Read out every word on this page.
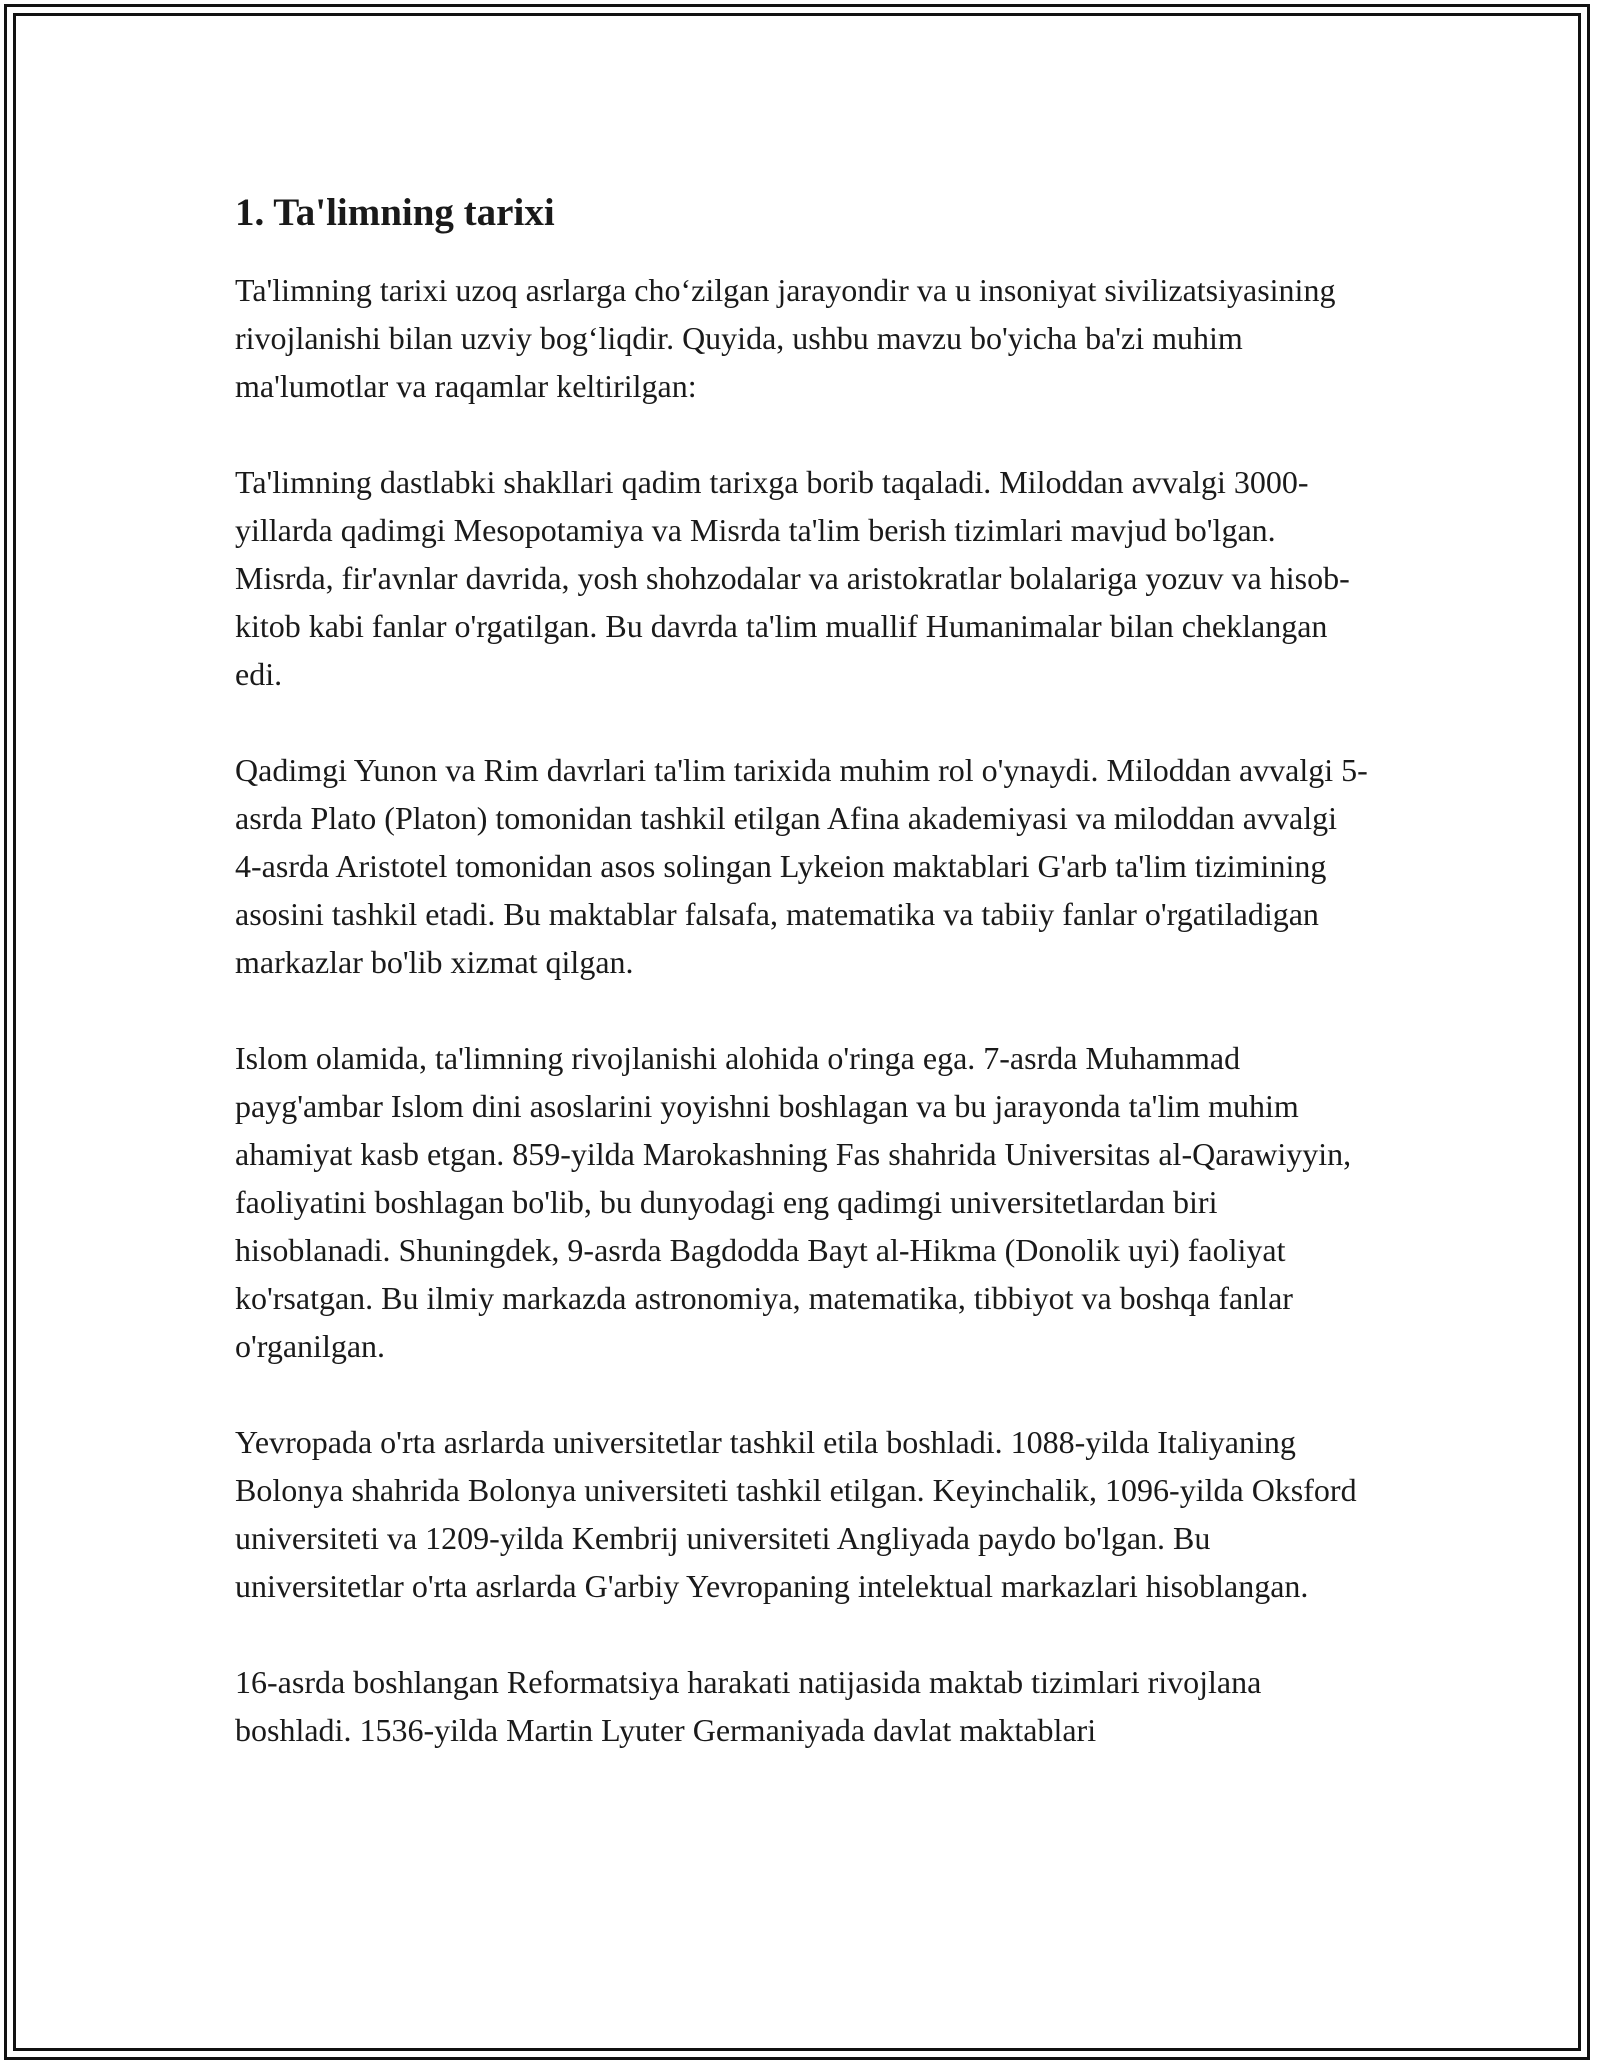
1. Ta'limning tarixi

Ta'limning tarixi uzoq asrlarga cho‘zilgan jarayondir va u insoniyat sivilizatsiyasining rivojlanishi bilan uzviy bog‘liqdir. Quyida, ushbu mavzu bo'yicha ba'zi muhim ma'lumotlar va raqamlar keltirilgan:

Ta'limning dastlabki shakllari qadim tarixga borib taqaladi. Miloddan avvalgi 3000-yillarda qadimgi Mesopotamiya va Misrda ta'lim berish tizimlari mavjud bo'lgan. Misrda, fir'avnlar davrida, yosh shohzodalar va aristokratlar bolalariga yozuv va hisob-kitob kabi fanlar o'rgatilgan. Bu davrda ta'lim muallif Humanimalar bilan cheklangan edi.

Qadimgi Yunon va Rim davrlari ta'lim tarixida muhim rol o'ynaydi. Miloddan avvalgi 5-asrda Plato (Platon) tomonidan tashkil etilgan Afina akademiyasi va miloddan avvalgi 4-asrda Aristotel tomonidan asos solingan Lykeion maktablari G'arb ta'lim tizimining asosini tashkil etadi. Bu maktablar falsafa, matematika va tabiiy fanlar o'rgatiladigan markazlar bo'lib xizmat qilgan.

Islom olamida, ta'limning rivojlanishi alohida o'ringa ega. 7-asrda Muhammad payg'ambar Islom dini asoslarini yoyishni boshlagan va bu jarayonda ta'lim muhim ahamiyat kasb etgan. 859-yilda Marokashning Fas shahrida Universitas al-Qarawiyyin, faoliyatini boshlagan bo'lib, bu dunyodagi eng qadimgi universitetlardan biri hisoblanadi. Shuningdek, 9-asrda Bagdodda Bayt al-Hikma (Donolik uyi) faoliyat ko'rsatgan. Bu ilmiy markazda astronomiya, matematika, tibbiyot va boshqa fanlar o'rganilgan.

Yevropada o'rta asrlarda universitetlar tashkil etila boshladi. 1088-yilda Italiyaning Bolonya shahrida Bolonya universiteti tashkil etilgan. Keyinchalik, 1096-yilda Oksford universiteti va 1209-yilda Kembrij universiteti Angliyada paydo bo'lgan. Bu universitetlar o'rta asrlarda G'arbiy Yevropaning intelektual markazlari hisoblangan.

16-asrda boshlangan Reformatsiya harakati natijasida maktab tizimlari rivojlana boshladi. 1536-yilda Martin Lyuter Germaniyada davlat maktablari
